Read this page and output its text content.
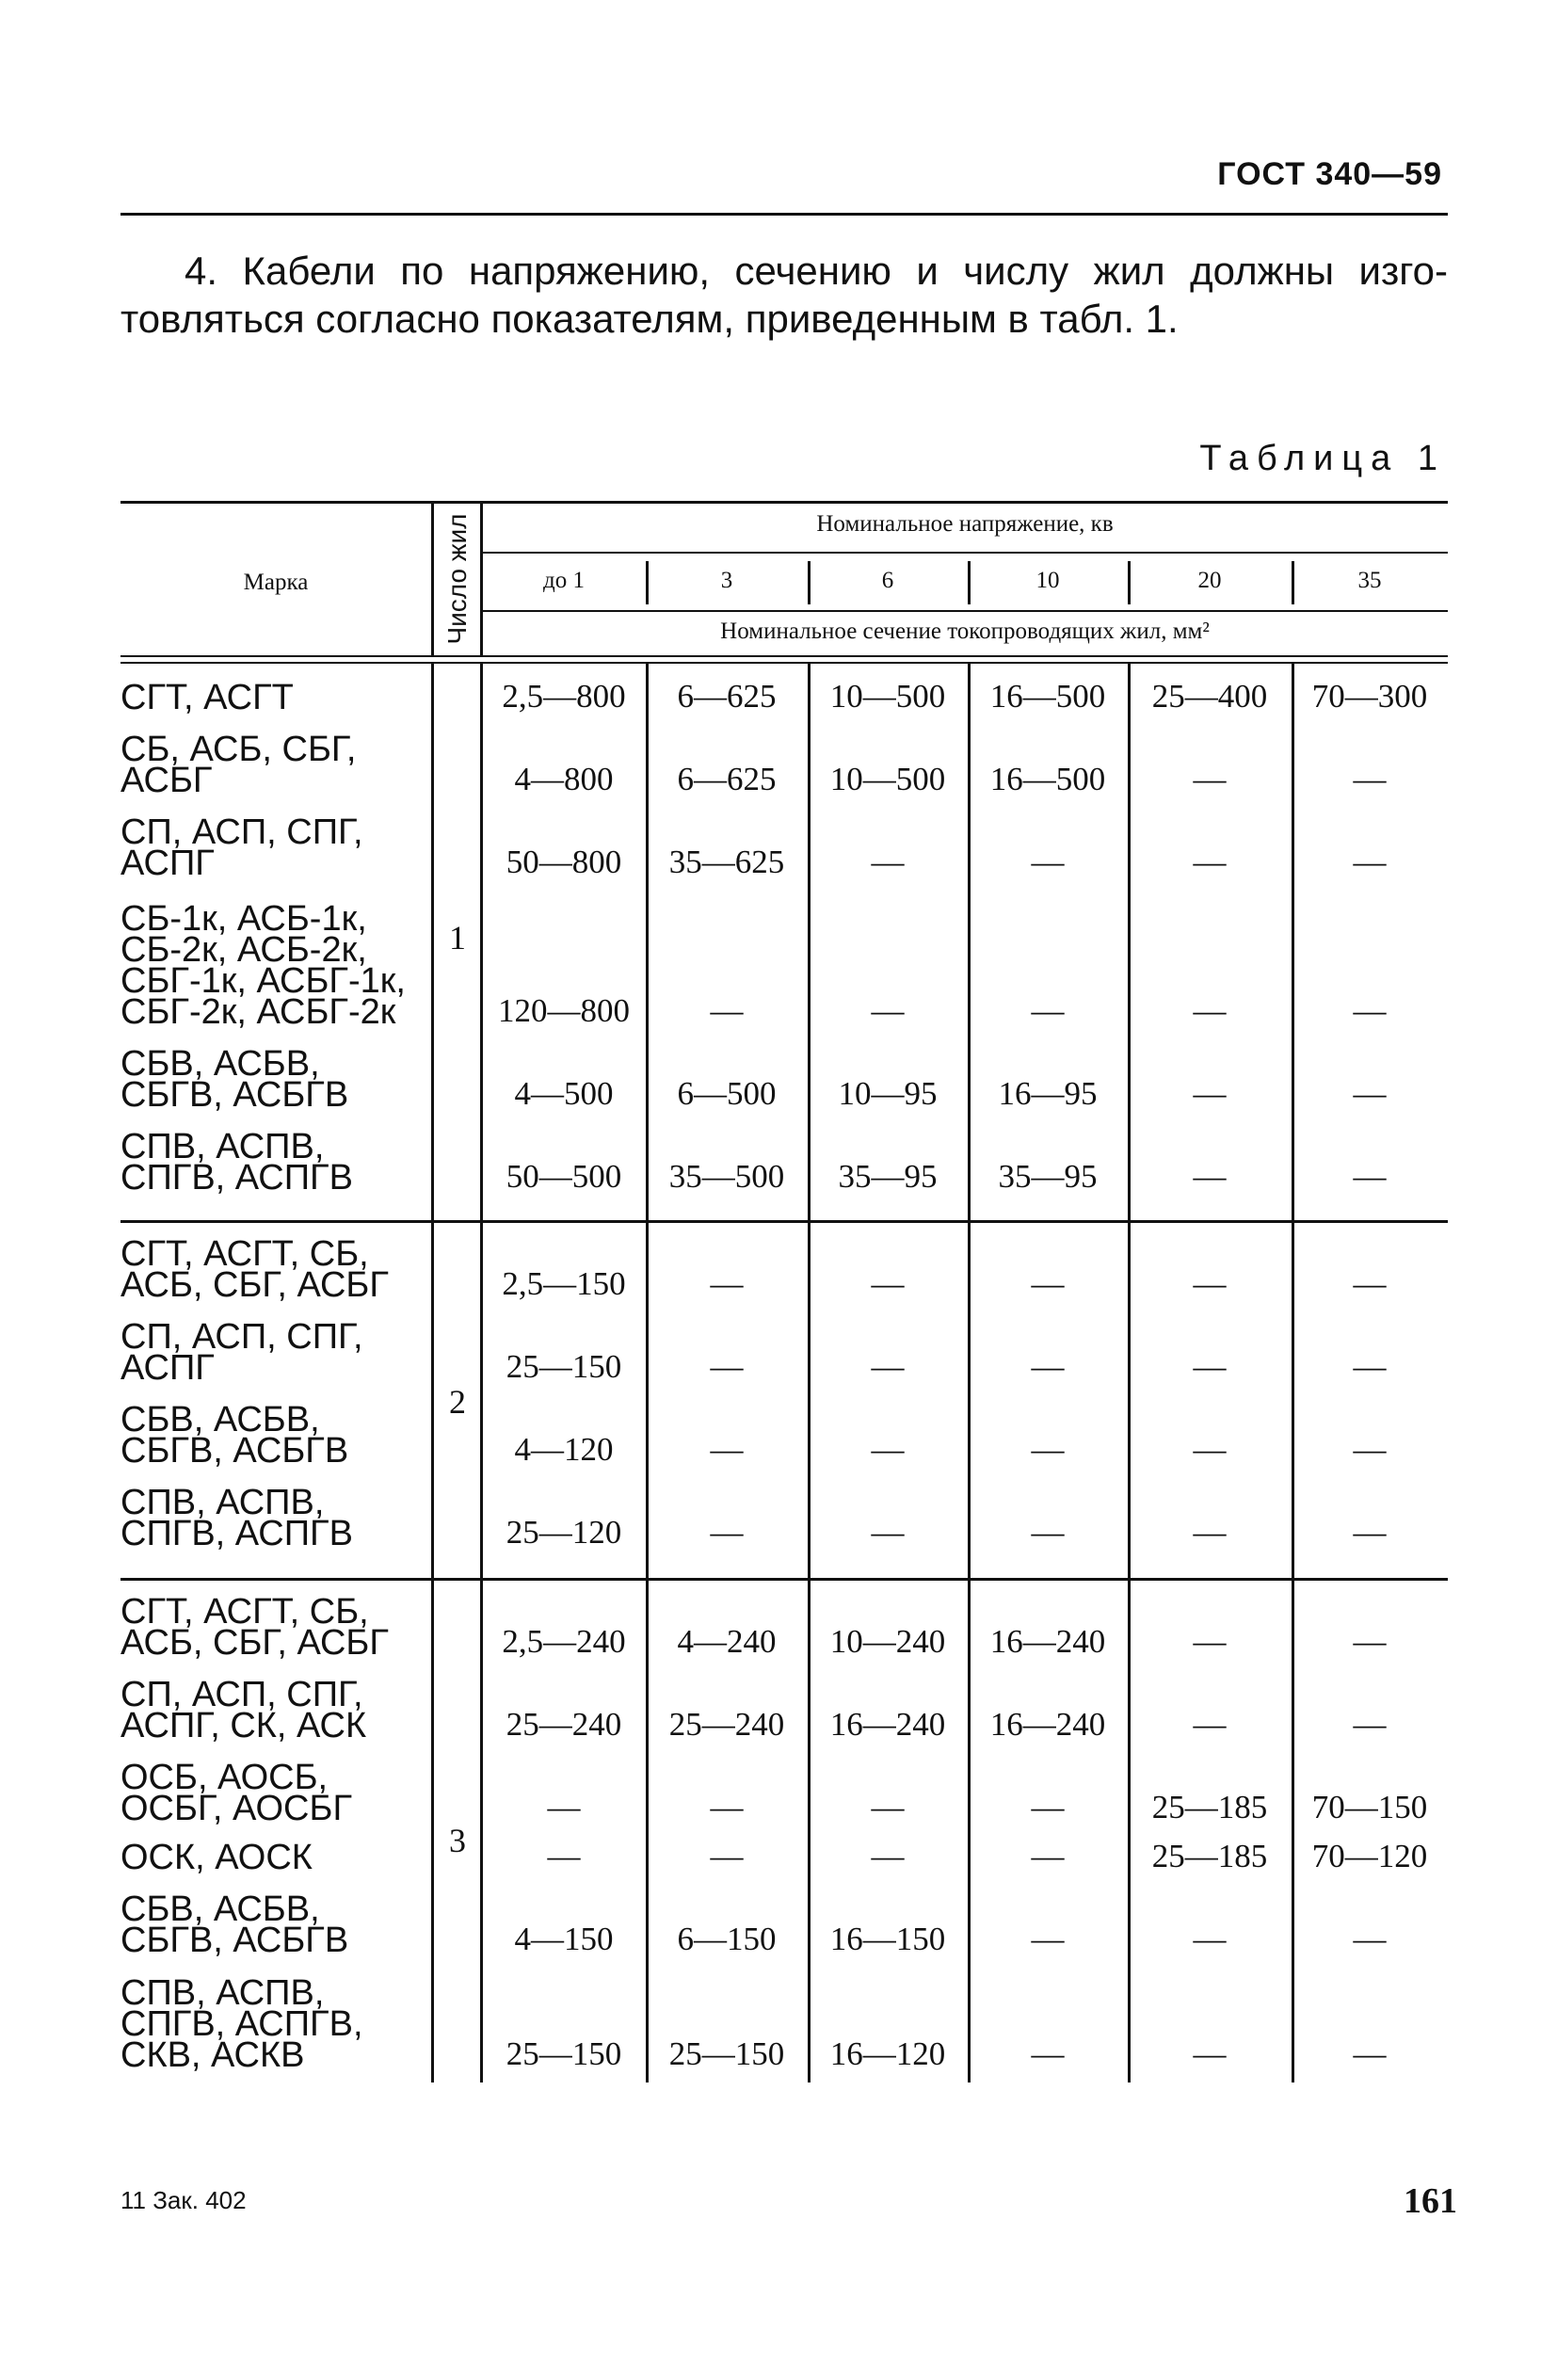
ГОСТ 340—59
4. Кабели по напряжению, сечению и числу жил должны изго-
товляться согласно показателям, приведенным в табл. 1.
Таблица 1
Марка	Число жил	Номинальное напряжение, кв
до 1	3	6	10	20	35
Номинальное сечение токопроводящих жил, мм²
1
СГТ, АСГТ	2,5—800	6—625	10—500	16—500	25—400	70—300
СБ, АСБ, СБГ,
АСБГ	4—800	6—625	10—500	16—500	—	—
СП, АСП, СПГ,
АСПГ	50—800	35—625	—	—	—	—
СБ-1к, АСБ-1к,
СБ-2к, АСБ-2к,
СБГ-1к, АСБГ-1к,
СБГ-2к, АСБГ-2к	120—800	—	—	—	—	—
СБВ, АСБВ,
СБГВ, АСБГВ	4—500	6—500	10—95	16—95	—	—
СПВ, АСПВ,
СПГВ, АСПГВ	50—500	35—500	35—95	35—95	—	—
2
СГТ, АСГТ, СБ,
АСБ, СБГ, АСБГ	2,5—150	—	—	—	—	—
СП, АСП, СПГ,
АСПГ	25—150	—	—	—	—	—
СБВ, АСБВ,
СБГВ, АСБГВ	4—120	—	—	—	—	—
СПВ, АСПВ,
СПГВ, АСПГВ	25—120	—	—	—	—	—
3
СГТ, АСГТ, СБ,
АСБ, СБГ, АСБГ	2,5—240	4—240	10—240	16—240	—	—
СП, АСП, СПГ,
АСПГ, СК, АСК	25—240	25—240	16—240	16—240	—	—
ОСБ, АОСБ,
ОСБГ, АОСБГ	—	—	—	—	25—185	70—150
ОСК, АОСК	—	—	—	—	25—185	70—120
СБВ, АСБВ,
СБГВ, АСБГВ	4—150	6—150	16—150	—	—	—
СПВ, АСПВ,
СПГВ, АСПГВ,
СКВ, АСКВ	25—150	25—150	16—120	—	—	—
11 Зак. 402	161
